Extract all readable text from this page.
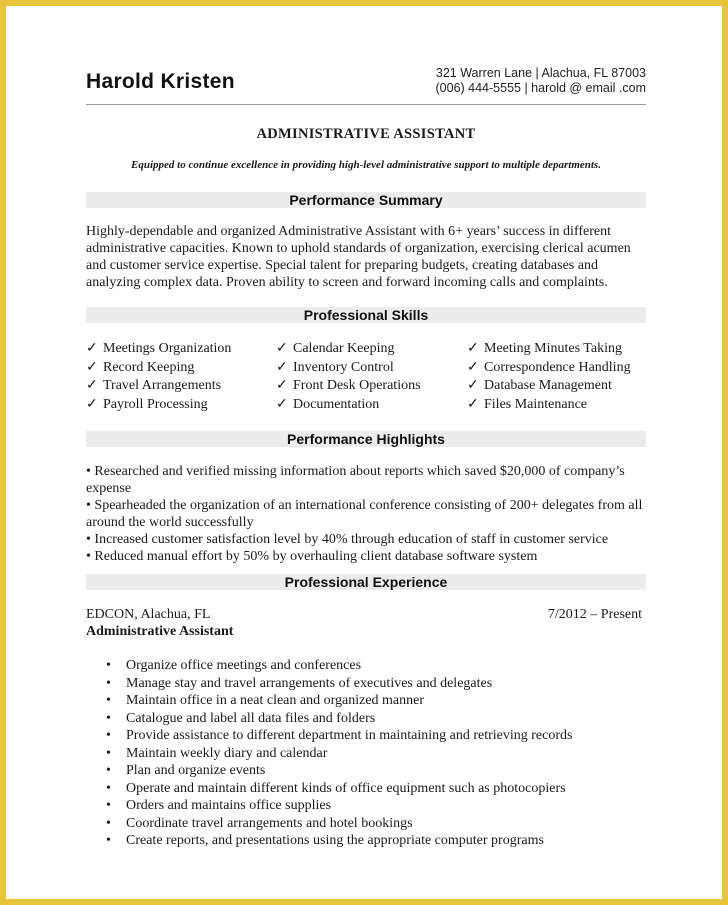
Harold Kristen	321 Warren Lane | Alachua, FL 87003
(006) 444-5555 | harold @ email .com
ADMINISTRATIVE ASSISTANT
Equipped to continue excellence in providing high-level administrative support to multiple departments.
Performance Summary
Highly-dependable and organized Administrative Assistant with 6+ years’ success in different administrative capacities. Known to uphold standards of organization, exercising clerical acumen and customer service expertise. Special talent for preparing budgets, creating databases and analyzing complex data. Proven ability to screen and forward incoming calls and complaints.
Professional Skills
✓ Meetings Organization	✓ Calendar Keeping	✓ Meeting Minutes Taking
✓ Record Keeping	✓ Inventory Control	✓ Correspondence Handling
✓ Travel Arrangements	✓ Front Desk Operations	✓ Database Management
✓ Payroll Processing	✓ Documentation	✓ Files Maintenance
Performance Highlights

• Researched and verified missing information about reports which saved $20,000 of company’s expense

• Spearheaded the organization of an international conference consisting of 200+ delegates from all around the world successfully

• Increased customer satisfaction level by 40% through education of staff in customer service

• Reduced manual effort by 50% by overhauling client database software system

Professional Experience
EDCON, Alachua, FL	7/2012 – Present
Administrative Assistant
• Organize office meetings and conferences
• Manage stay and travel arrangements of executives and delegates
• Maintain office in a neat clean and organized manner
• Catalogue and label all data files and folders
• Provide assistance to different department in maintaining and retrieving records
• Maintain weekly diary and calendar
• Plan and organize events
• Operate and maintain different kinds of office equipment such as photocopiers
• Orders and maintains office supplies
• Coordinate travel arrangements and hotel bookings
• Create reports, and presentations using the appropriate computer programs
